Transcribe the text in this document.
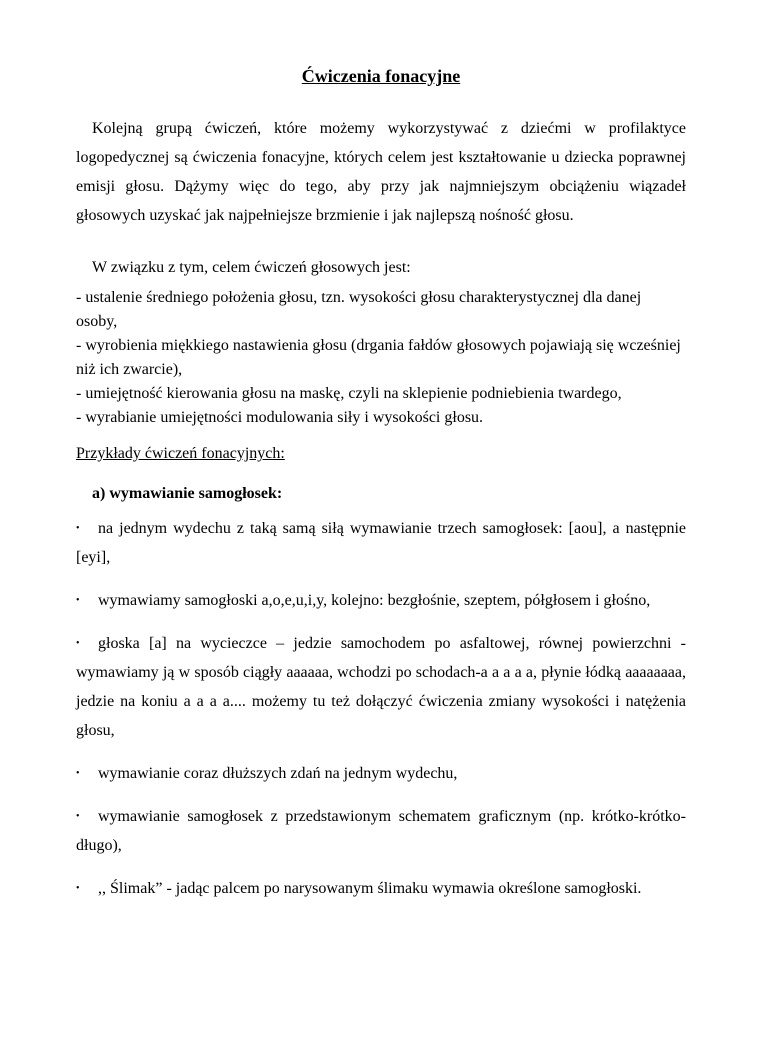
Ćwiczenia fonacyjne

Kolejną grupą ćwiczeń, które możemy wykorzystywać z dziećmi w profilaktyce logopedycznej są ćwiczenia fonacyjne, których celem jest kształtowanie u dziecka poprawnej emisji głosu. Dążymy więc do tego, aby przy jak najmniejszym obciążeniu wiązadeł głosowych uzyskać jak najpełniejsze brzmienie i jak najlepszą nośność głosu.

W związku z tym, celem ćwiczeń głosowych jest:

- ustalenie średniego położenia głosu, tzn. wysokości głosu charakterystycznej dla danej osoby,
- wyrobienia miękkiego nastawienia głosu (drgania fałdów głosowych pojawiają się wcześniej niż ich zwarcie),
- umiejętność kierowania głosu na maskę, czyli na sklepienie podniebienia twardego,
- wyrabianie umiejętności modulowania siły i wysokości głosu.

Przykłady ćwiczeń fonacyjnych:

a) wymawianie samogłosek:

• na jednym wydechu z taką samą siłą wymawianie trzech samogłosek: [aou], a następnie [eyi],
• wymawiamy samogłoski a,o,e,u,i,y, kolejno: bezgłośnie, szeptem, półgłosem i głośno,
• głoska [a] na wycieczce – jedzie samochodem po asfaltowej, równej powierzchni - wymawiamy ją w sposób ciągły aaaaaa, wchodzi po schodach-a a a a a, płynie łódką aaaaaaaa, jedzie na koniu a a a a.... możemy tu też dołączyć ćwiczenia zmiany wysokości i natężenia głosu,
• wymawianie coraz dłuższych zdań na jednym wydechu,
• wymawianie samogłosek z przedstawionym schematem graficznym (np. krótko-krótko-długo),
• ,, Ślimak” - jadąc palcem po narysowanym ślimaku wymawia określone samogłoski.
